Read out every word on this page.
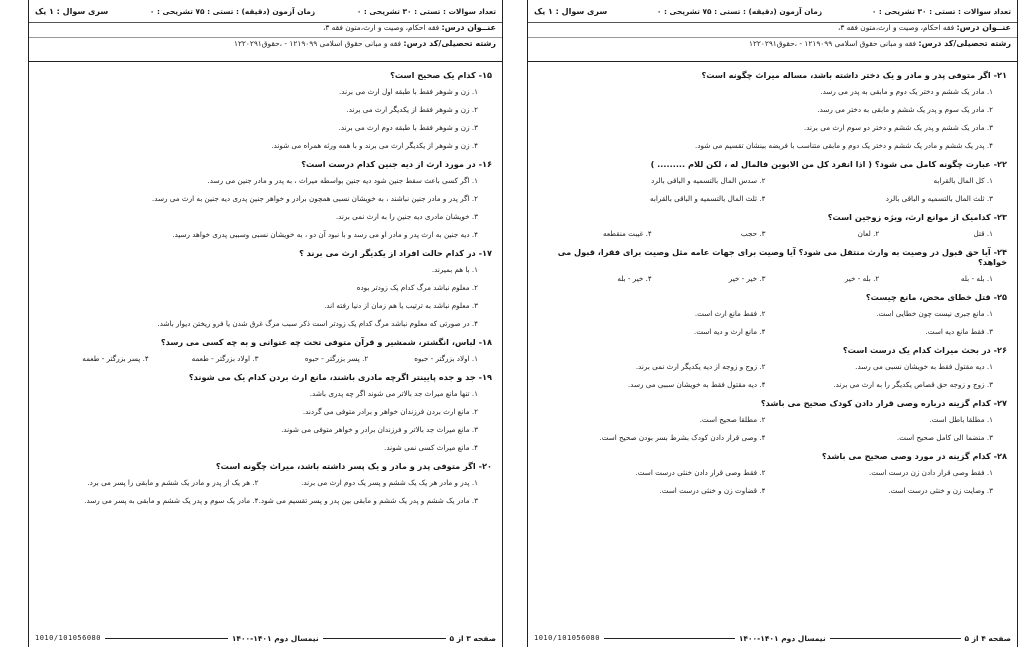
تعداد سوالات : تستی : ۳۰ تشریحی : ۰
زمان آزمون (دقیقه) : تستی : ۷۵ تشریحی : ۰
سری سوال : ۱ یک
عنــوان درس: فقه احکام، وصیت و ارث،متون فقه ۳،
رشته تحصیلی/کد درس: فقه و مبانی حقوق اسلامی ۱۲۱۹۰۹۹ - ،حقوق۱۲۲۰۲۹۱
۱۵- کدام یک صحیح است؟
۱. زن و شوهر فقط با طبقه اول ارث می برند.
۲. زن و شوهر فقط از یکدیگر ارث می برند.
۳. زن و شوهر فقط با طبقه دوم ارث می برند.
۴. زن و شوهر از یکدیگر ارث می برند و با همه ورثه همراه می شوند.
۱۶- در مورد ارث از دیه جنین کدام درست است؟
۱. اگر کسی باعث سقط جنین شود دیه جنین بواسطه میراث ، به پدر و مادر جنین می رسد.
۲. اگر پدر و مادر جنین نباشند ، به خویشان نسبی همچون برادر و خواهر جنین پدری دیه جنین به ارث می رسد.
۳. خویشان مادری دیه جنین را به ارث نمی برند.
۴. دیه جنین به ارث پدر و مادر او می رسد و با نبود آن دو ، به خویشان نسبی وسببی پدری خواهد رسید.
۱۷- در کدام حالت افراد از یکدیگر ارث می برند ؟
۱. با هم بمیرند.
۲. معلوم نباشد مرگ کدام یک زودتر بوده
۳. معلوم نباشد به ترتیب یا هم زمان از دنیا رفته اند.
۴. در صورتی که معلوم نباشد مرگ کدام یک زودتر است ذکر سبب مرگ غرق شدن یا فرو ریختن دیوار باشد.
۱۸- لباس، انگشتر، شمشیر و قرآن متوفی تحت چه عنوانی و به چه کسی می رسد؟
۱. اولاد بزرگتر - حبوه
۲. پسر بزرگتر - حبوه
۳. اولاد بزرگتر - طعمه
۴. پسر بزرگتر - طعمه
۱۹- جد و جده پایینتر اگرچه مادری باشند، مانع ارث بردن کدام یک می شوند؟
۱. تنها مانع میراث جد بالاتر می شوند اگر چه پدری باشد.
۲. مانع ارث بردن فرزندان خواهر و برادر متوفی می گردند.
۳. مانع میراث جد بالاتر و فرزندان برادر و خواهر متوفی می شوند.
۴. مانع میراث کسی نمی شوند.
۲۰- اگر متوفی پدر و مادر و یک پسر داشته باشد، میراث چگونه است؟
۱. پدر و مادر هر یک یک ششم و پسر یک دوم ارث می برند.
۲. هر یک از پدر و مادر یک ششم و مابقی را پسر می برد.
۳. مادر یک ششم و پدر یک ششم و مابقی بین پدر و پسر تقسیم می شود.
۴. مادر یک سوم و پدر یک ششم و مابقی به پسر می رسد.
صفحه ۳ از ۵
نیمسال دوم ۱۴۰۱-۱۴۰۰
1010/101056080
تعداد سوالات : تستی : ۳۰ تشریحی : ۰
زمان آزمون (دقیقه) : تستی : ۷۵ تشریحی : ۰
سری سوال : ۱ یک
عنــوان درس: فقه احکام، وصیت و ارث،متون فقه ۳،
رشته تحصیلی/کد درس: فقه و مبانی حقوق اسلامی ۱۲۱۹۰۹۹ - ،حقوق۱۲۲۰۲۹۱
۲۱- اگر متوفی پدر و مادر و یک دختر داشته باشد، مساله میراث چگونه است؟
۱. مادر یک ششم و دختر یک دوم و مابقی به پدر می رسد.
۲. مادر یک سوم و پدر یک ششم و مابقی به دختر می رسد.
۳. مادر یک ششم و پدر یک ششم و دختر دو سوم ارث می برند.
۴. پدر یک ششم و مادر یک ششم و دختر یک دوم و مابقی متناسب با فریضه بینشان تقسیم می شود.
۲۲- عبارت چگونه کامل می شود؟ ( اذا انفرد کل من الابوین فالمال له ، لکن للام ......... )
۱. کل المال بالقرابه
۲. سدس المال بالتسمیه و الباقی بالرد
۳. ثلث المال بالتسمیه و الباقی بالرد
۴. ثلث المال بالتسمیه و الباقی بالقرابه
۲۳- کدامیک از موانع ارث، ویژه زوجین است؟
۱. قتل
۲. لعان
۳. حجب
۴. غیبت منقطعه
۲۴- آیا حق قبول در وصیت به وارث منتقل می شود؟ آیا وصیت برای جهات عامه مثل وصیت برای فقرا، قبول می خواهد؟
۱. بله - بله
۲. بله - خیر
۳. خیر - خیر
۴. خیر - بله
۲۵- قتل خطای محض، مانع چیست؟
۱. مانع جبری نیست چون خطایی است.
۲. فقط مانع ارث است.
۳. فقط مانع دیه است.
۴. مانع ارث و دیه است.
۲۶- در بحث میراث کدام یک درست است؟
۱. دیه مقتول فقط به خویشان نسبی می رسد.
۲. زوج و زوجه از دیه یکدیگر ارث نمی برند.
۳. زوج و زوجه حق قصاص یکدیگر را به ارث می برند.
۴. دیه مقتول فقط به خویشان سببی می رسد.
۲۷- کدام گزینه درباره وصی قرار دادن کودک صحیح می باشد؟
۱. مطلقا باطل است.
۲. مطلقا صحیح است.
۳. منضما الی کامل صحیح است.
۴. وصی قرار دادن کودک بشرط بسر بودن صحیح است.
۲۸- کدام گزینه در مورد وصی صحیح می باشد؟
۱. فقط وصی قرار دادن زن درست است.
۲. فقط وصی قرار دادن خنثی درست است.
۳. وصایت زن و خنثی درست است.
۴. قضاوت زن و خنثی درست است.
صفحه ۴ از ۵
نیمسال دوم ۱۴۰۱-۱۴۰۰
1010/101056080
